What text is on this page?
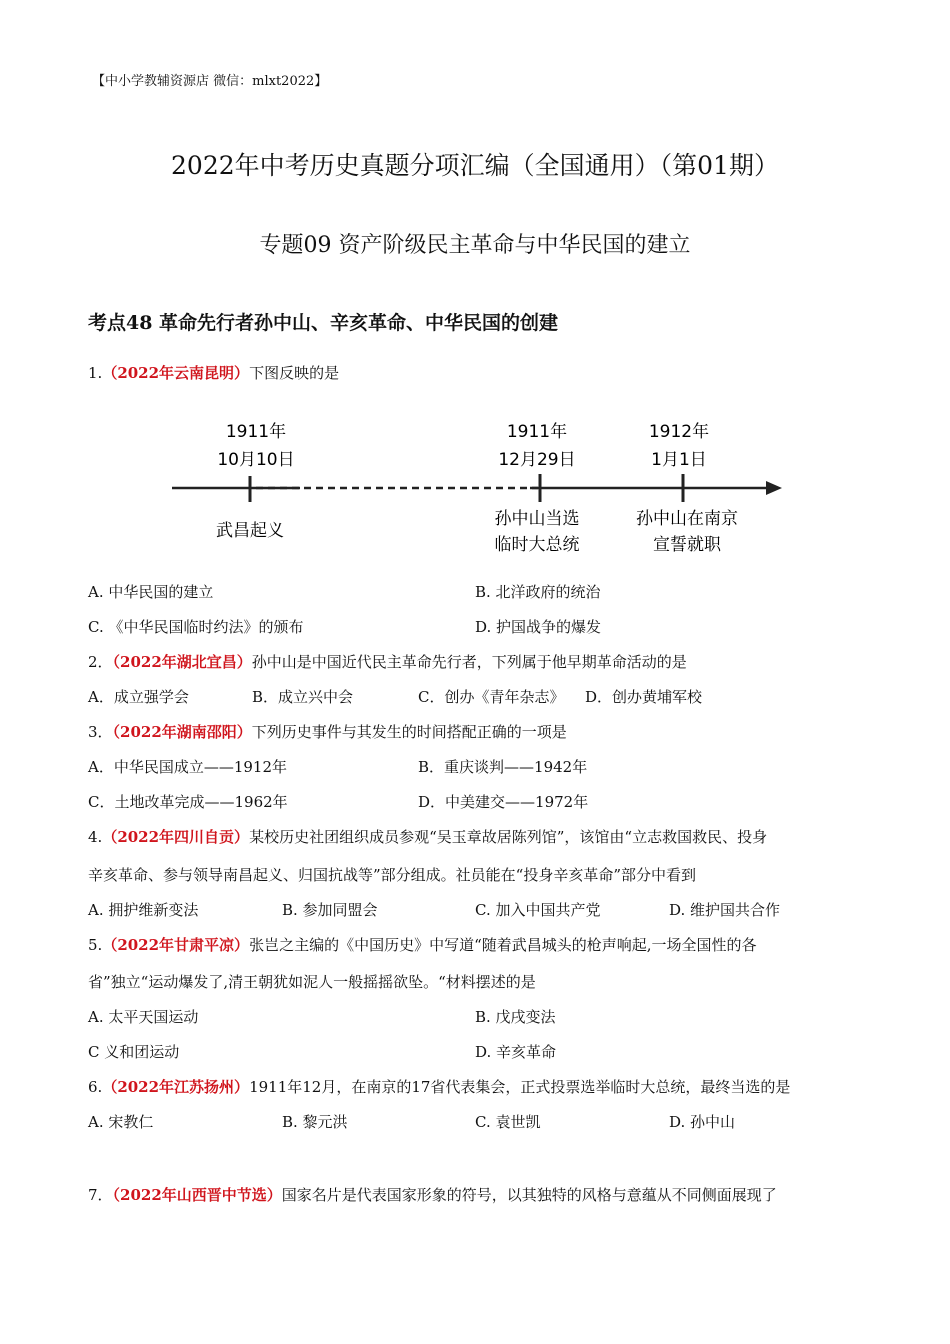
【中小学教辅资源店 微信：mlxt2022】
2022年中考历史真题分项汇编（全国通用）（第01期）
专题09 资产阶级民主革命与中华民国的建立
考点48 革命先行者孙中山、辛亥革命、中华民国的创建
1.（2022年云南昆明）下图反映的是
1911年
10月10日
武昌起义
1911年
12月29日
孙中山当选
临时大总统
1912年
1月1日
孙中山在南京
宣誓就职
A. 中华民国的建立	B. 北洋政府的统治
C. 《中华民国临时约法》的颁布	D. 护国战争的爆发
2．（2022年湖北宜昌）孙中山是中国近代民主革命先行者，下列属于他早期革命活动的是
A．成立强学会	B．成立兴中会	C．创办《青年杂志》 D．创办黄埔军校
3．（2022年湖南邵阳）下列历史事件与其发生的时间搭配正确的一项是
A．中华民国成立——1912年	B．重庆谈判——1942年
C．土地改革完成——1962年	D．中美建交——1972年
4.（2022年四川自贡）某校历史社团组织成员参观“吴玉章故居陈列馆”，该馆由“立志救国救民、投身
辛亥革命、参与领导南昌起义、归国抗战等”部分组成。社员能在“投身辛亥革命”部分中看到
A. 拥护维新变法	B. 参加同盟会	C. 加入中国共产党	D. 维护国共合作
5.（2022年甘肃平凉）张岂之主编的《中国历史》中写道“随着武昌城头的枪声响起,一场全国性的各
省”独立“运动爆发了,清王朝犹如泥人一般摇摇欲坠。“材料摆述的是
A. 太平天国运动	B. 戊戌变法
C 义和团运动	D. 辛亥革命
6.（2022年江苏扬州）1911年12月，在南京的17省代表集会，正式投票选举临时大总统，最终当选的是
A. 宋教仁	B. 黎元洪	C. 袁世凯	D. 孙中山
7．（2022年山西晋中节选）国家名片是代表国家形象的符号，以其独特的风格与意蕴从不同侧面展现了
